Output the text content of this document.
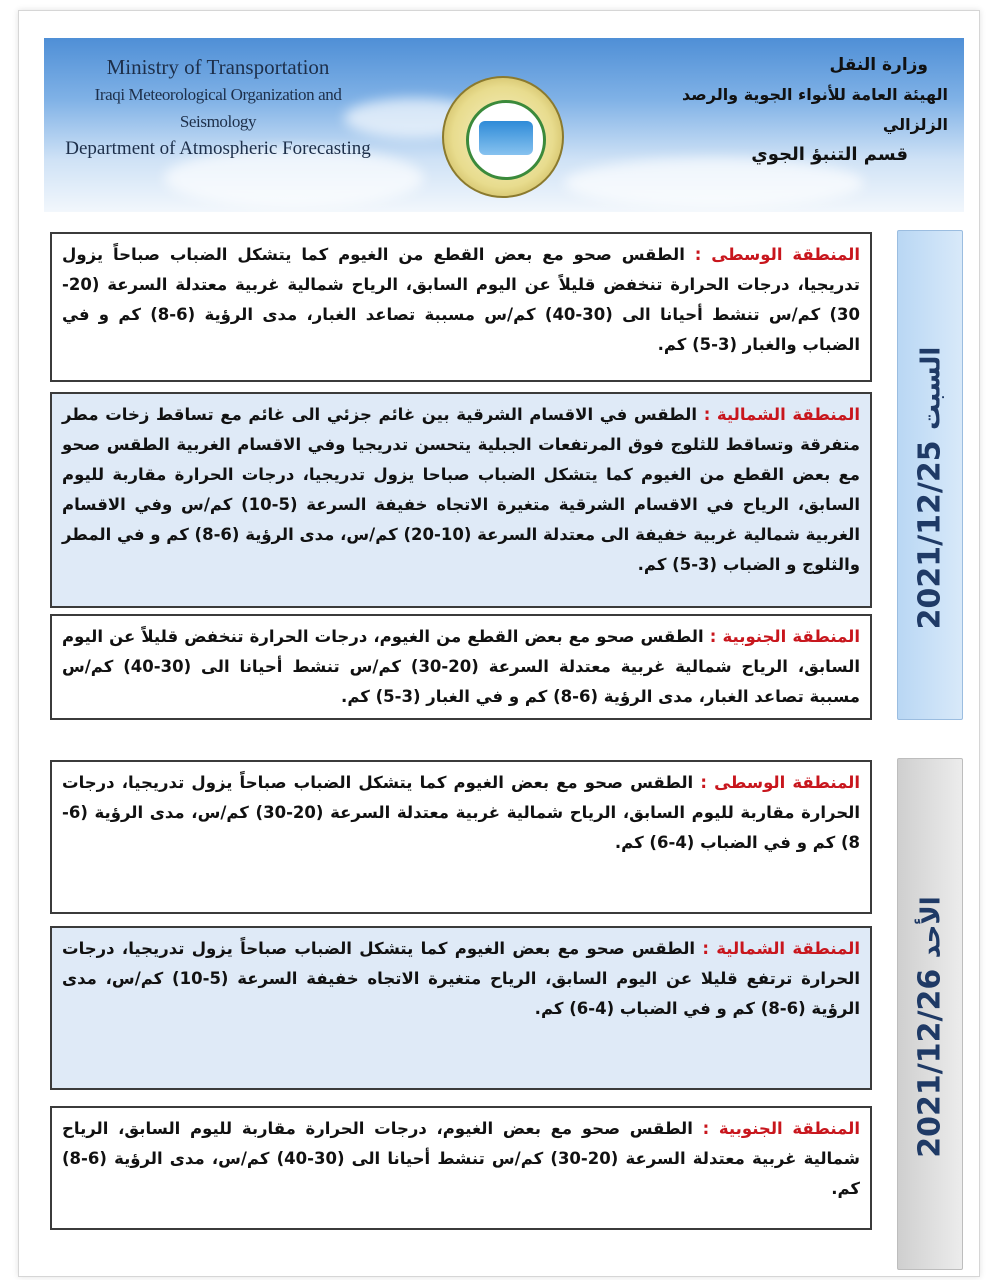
Ministry of Transportation
Iraqi Meteorological Organization and Seismology
Department of Atmospheric Forecasting
وزارة النقل
الهيئة العامة للأنواء الجوية والرصد الزلزالي
قسم التنبؤ الجوي
2021/12/25 السبت
المنطقة الوسطى : الطقس صحو مع بعض القطع من الغيوم كما يتشكل الضباب صباحاً يزول تدريجيا، درجات الحرارة تنخفض قليلاً عن اليوم السابق، الرياح شمالية غربية معتدلة السرعة (20-30) كم/س تنشط أحيانا الى (30-40) كم/س مسببة تصاعد الغبار، مدى الرؤية (6-8) كم و في الضباب والغبار (3-5) كم.
المنطقة الشمالية : الطقس في الاقسام الشرقية بين غائم جزئي الى غائم مع تساقط زخات مطر متفرقة وتساقط للثلوج فوق المرتفعات الجبلية يتحسن تدريجيا وفي الاقسام الغربية الطقس صحو مع بعض القطع من الغيوم كما يتشكل الضباب صباحا يزول تدريجيا، درجات الحرارة مقاربة لليوم السابق، الرياح في الاقسام الشرقية متغيرة الاتجاه خفيفة السرعة (5-10) كم/س وفي الاقسام الغربية شمالية غربية خفيفة الى معتدلة السرعة (10-20) كم/س، مدى الرؤية (6-8) كم و في المطر والثلوج و الضباب (3-5) كم.
المنطقة الجنوبية : الطقس صحو مع بعض القطع من الغيوم، درجات الحرارة تنخفض قليلاً عن اليوم السابق، الرياح شمالية غربية معتدلة السرعة (20-30) كم/س تنشط أحيانا الى (30-40) كم/س مسببة تصاعد الغبار، مدى الرؤية (6-8) كم و في الغبار (3-5) كم.
2021/12/26 الأحد
المنطقة الوسطى : الطقس صحو مع بعض الغيوم كما يتشكل الضباب صباحاً يزول تدريجيا، درجات الحرارة مقاربة لليوم السابق، الرياح شمالية غربية معتدلة السرعة (20-30) كم/س، مدى الرؤية (6-8) كم و في الضباب (4-6) كم.
المنطقة الشمالية : الطقس صحو مع بعض الغيوم كما يتشكل الضباب صباحاً يزول تدريجيا، درجات الحرارة ترتفع قليلا عن اليوم السابق، الرياح متغيرة الاتجاه خفيفة السرعة (5-10) كم/س، مدى الرؤية (6-8) كم و في الضباب (4-6) كم.
المنطقة الجنوبية : الطقس صحو مع بعض الغيوم، درجات الحرارة مقاربة لليوم السابق، الرياح شمالية غربية معتدلة السرعة (20-30) كم/س تنشط أحيانا الى (30-40) كم/س، مدى الرؤية (6-8) كم.
